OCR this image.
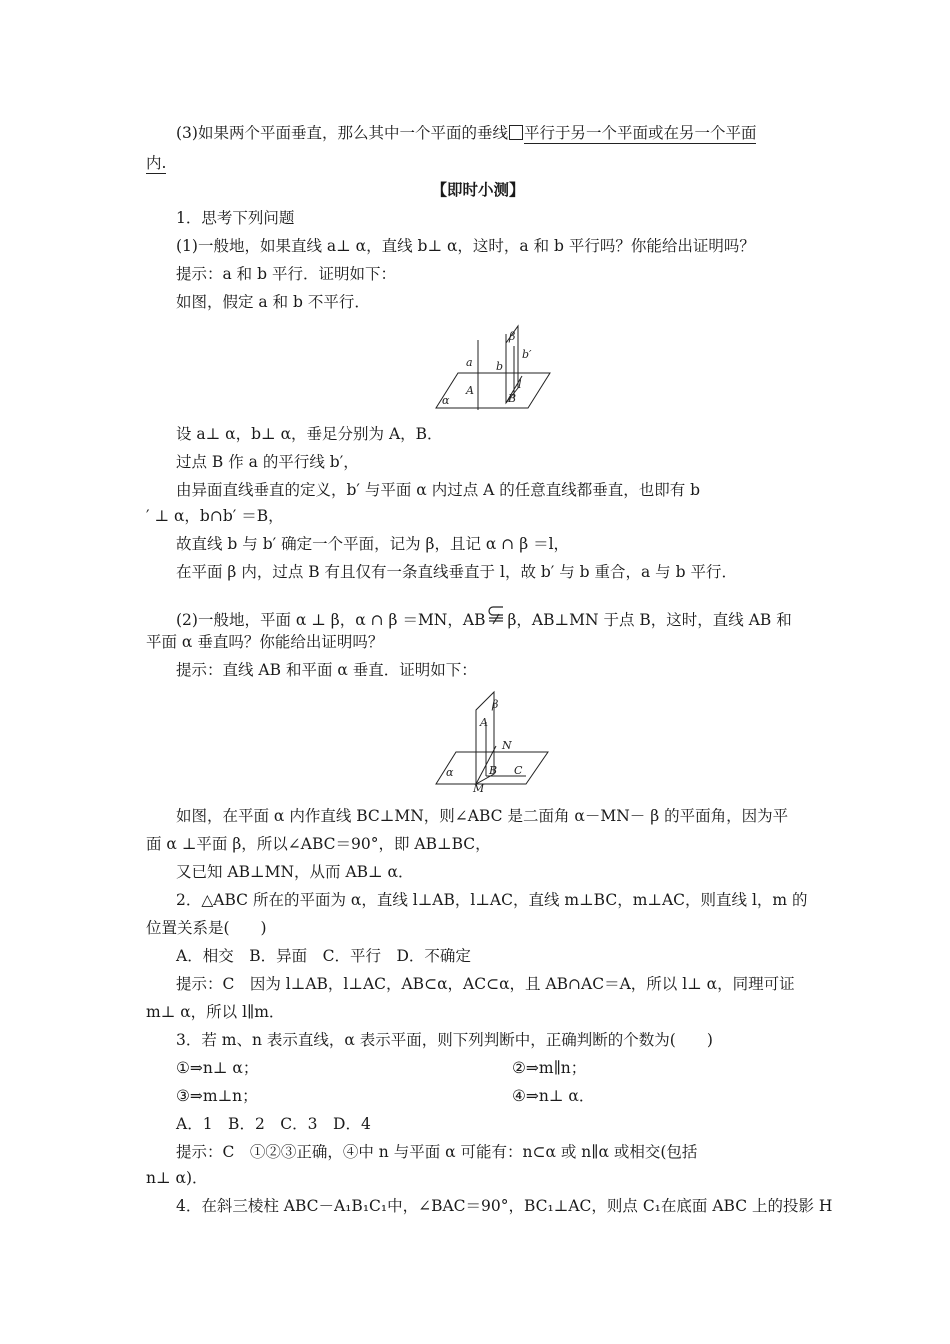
(3)如果两个平面垂直，那么其中一个平面的垂线 平行于另一个平面或在另一个平面
内.
【即时小测】
1．思考下列问题
(1)一般地，如果直线 a⊥ α，直线 b⊥ α，这时，a 和 b 平行吗？你能给出证明吗？
提示：a 和 b 平行．证明如下：
如图，假定 a 和 b 不平行．
a b
b′
β
A
B
l
α
设 a⊥ α，b⊥ α，垂足分别为 A，B．
过点 B 作 a 的平行线 b′，
由异面直线垂直的定义，b′ 与平面 α 内过点 A 的任意直线都垂直，也即有 b
′ ⊥ α，b∩b′ ＝B，
故直线 b 与 b′ 确定一个平面，记为 β，且记 α ∩ β ＝l，
在平面 β 内，过点 B 有且仅有一条直线垂直于 l，故 b′ 与 b 重合，a 与 b 平行．
(2)一般地，平面 α ⊥ β，α ∩ β ＝MN，AB β，AB⊥MN 于点 B，这时，直线 AB 和
平面 α 垂直吗？你能给出证明吗？
提示：直线 AB 和平面 α 垂直．证明如下：
β
A
N
α	B C
M
如图，在平面 α 内作直线 BC⊥MN，则∠ABC 是二面角 α－MN－ β 的平面角，因为平
面 α ⊥平面 β，所以∠ABC＝90°，即 AB⊥BC，
又已知 AB⊥MN，从而 AB⊥ α．
2．△ABC 所在的平面为 α，直线 l⊥AB，l⊥AC，直线 m⊥BC，m⊥AC，则直线 l，m 的
位置关系是(　　)
A．相交　B．异面　C．平行　D．不确定
提示：C　因为 l⊥AB，l⊥AC，AB⊂α，AC⊂α，且 AB∩AC＝A，所以 l⊥ α，同理可证
m⊥ α，所以 l∥m．
3．若 m、n 表示直线，α 表示平面，则下列判断中，正确判断的个数为(　　)
①⇒n⊥ α；	②⇒m∥n；
③⇒m⊥n；	④⇒n⊥ α．
A．1　B．2　C．3　D．4
提示：C　①②③正确，④中 n 与平面 α 可能有：n⊂α 或 n∥α 或相交(包括
n⊥ α)．
4．在斜三棱柱 ABC－A₁B₁C₁中，∠BAC＝90°，BC₁⊥AC，则点 C₁在底面 ABC 上的投影 H
